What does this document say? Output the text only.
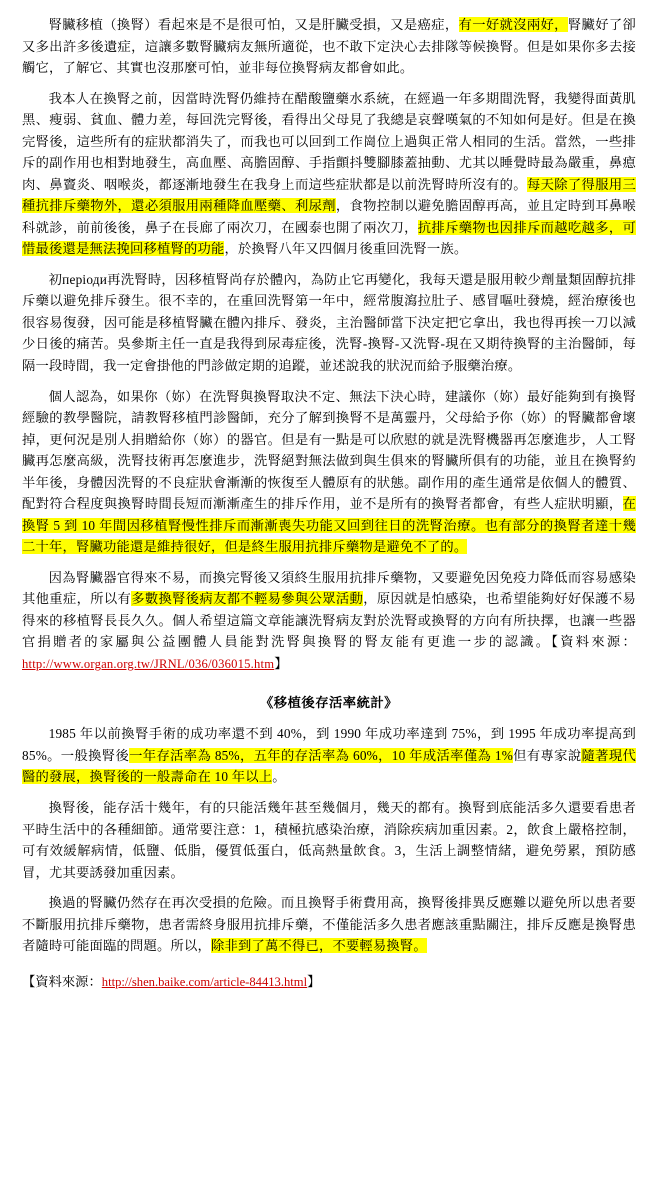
腎臟移植（換腎）看起來是不是很可怕，又是肝臟受損，又是癌症，有一好就沒兩好，腎臟好了卻又多出許多後遺症，這讓多數腎臟病友無所適從，也不敢下定決心去排隊等候換腎。但是如果你多去接觸它，了解它、其實也沒那麼可怕，並非每位換腎病友都會如此。

我本人在換腎之前，因當時洗腎仍維持在醋酸鹽藥水系統，在經過一年多期間洗腎，我變得面黃肌黑、瘦弱、貧血、體力差，每回洗完腎後，看得出父母見了我總是哀聲嘆氣的不知如何是好。但是在換完腎後，這些所有的症狀都消失了，而我也可以回到工作崗位上過與正常人相同的生活。當然，一些排斥的副作用也相對地發生，高血壓、高膽固醇、手指顫抖雙腳膝蓋抽動、尤其以睡覺時最為嚴重，鼻瘜肉、鼻竇炎、咽喉炎，都逐漸地發生在我身上而這些症狀都是以前洗腎時所沒有的。每天除了得服用三種抗排斥藥物外，還必須服用兩種降血壓藥、利尿劑，食物控制以避免膽固醇再高，並且定時到耳鼻喉科就診，前前後後，鼻子在長廊了兩次刀，在國泰也開了兩次刀，抗排斥藥物也因排斥而越吃越多，可惜最後還是無法挽回移植腎的功能，於換腎八年又四個月後重回洗腎一族。

初періоди再洗腎時，因移植腎尚存於體內，為防止它再變化，我每天還是服用較少劑量類固醇抗排斥藥以避免排斥發生。很不幸的，在重回洗腎第一年中，經常腹瀉拉肚子、感冒嘔吐發燒，經治療後也很容易復發，因可能是移植腎臟在體內排斥、發炎，主治醫師當下決定把它拿出，我也得再挨一刀以減少日後的痛苦。吳參斯主任一直是我得到尿毒症後，洗腎-換腎-又洗腎-現在又期待換腎的主治醫師，每隔一段時間，我一定會掛他的門診做定期的追蹤，並述說我的狀況而給予服藥治療。

個人認為，如果你（妳）在洗腎與換腎取決不定、無法下決心時，建議你（妳）最好能夠到有換腎經驗的教學醫院，請教腎移植門診醫師，充分了解到換腎不是萬靈丹，父母給予你（妳）的腎臟都會壞掉，更何況是別人捐贈給你（妳）的器官。但是有一點是可以欣慰的就是洗腎機器再怎麼進步，人工腎臟再怎麼高級，洗腎技術再怎麼進步，洗腎絕對無法做到與生俱來的腎臟所俱有的功能，並且在換腎約半年後，身體因洗腎的不良症狀會漸漸的恢復至人體原有的狀態。副作用的產生通常是依個人的體質、配對符合程度與換腎時間長短而漸漸產生的排斥作用，並不是所有的換腎者都會，有些人症狀明顯，在換腎 5 到 10 年間因移植腎慢性排斥而漸漸喪失功能又回到往日的洗腎治療。也有部分的換腎者達十幾二十年，腎臟功能還是維持很好，但是終生服用抗排斥藥物是避免不了的。

因為腎臟器官得來不易，而換完腎後又須終生服用抗排斥藥物，又要避免因免疫力降低而容易感染其他重症，所以有多數換腎後病友都不輕易參與公眾活動，原因就是怕感染，也希望能夠好好保護不易得來的移植腎長長久久。個人希望這篇文章能讓洗腎病友對於洗腎或換腎的方向有所抉擇，也讓一些器官捐贈者的家屬與公益團體人員能對洗腎與換腎的腎友能有更進一步的認識。【資料來源：http://www.organ.org.tw/JRNL/036/036015.htm】

《移植後存活率統計》

1985 年以前換腎手術的成功率還不到 40%，到 1990 年成功率達到 75%，到 1995 年成功率提高到 85%。一般換腎後一年存活率為 85%，五年的存活率為 60%，10 年成活率僅為 1%但有專家說隨著現代醫的發展，換腎後的一般壽命在 10 年以上。

換腎後，能存活十幾年，有的只能活幾年甚至幾個月，幾天的都有。換腎到底能活多久還要看患者平時生活中的各種細節。通常要注意：1，積極抗感染治療，消除疾病加重因素。2，飲食上嚴格控制，可有效緩解病情，低鹽、低脂，優質低蛋白，低高熱量飲食。3，生活上調整情緒，避免勞累，預防感冒，尤其要誘發加重因素。

換過的腎臟仍然存在再次受損的危險。而且換腎手術費用高，換腎後排異反應難以避免所以患者要不斷服用抗排斥藥物，患者需終身服用抗排斥藥，不僅能活多久患者應該重點關注，排斥反應是換腎患者隨時可能面臨的問題。所以，除非到了萬不得已，不要輕易換腎。

【資料來源：http://shen.baike.com/article-84413.html】
